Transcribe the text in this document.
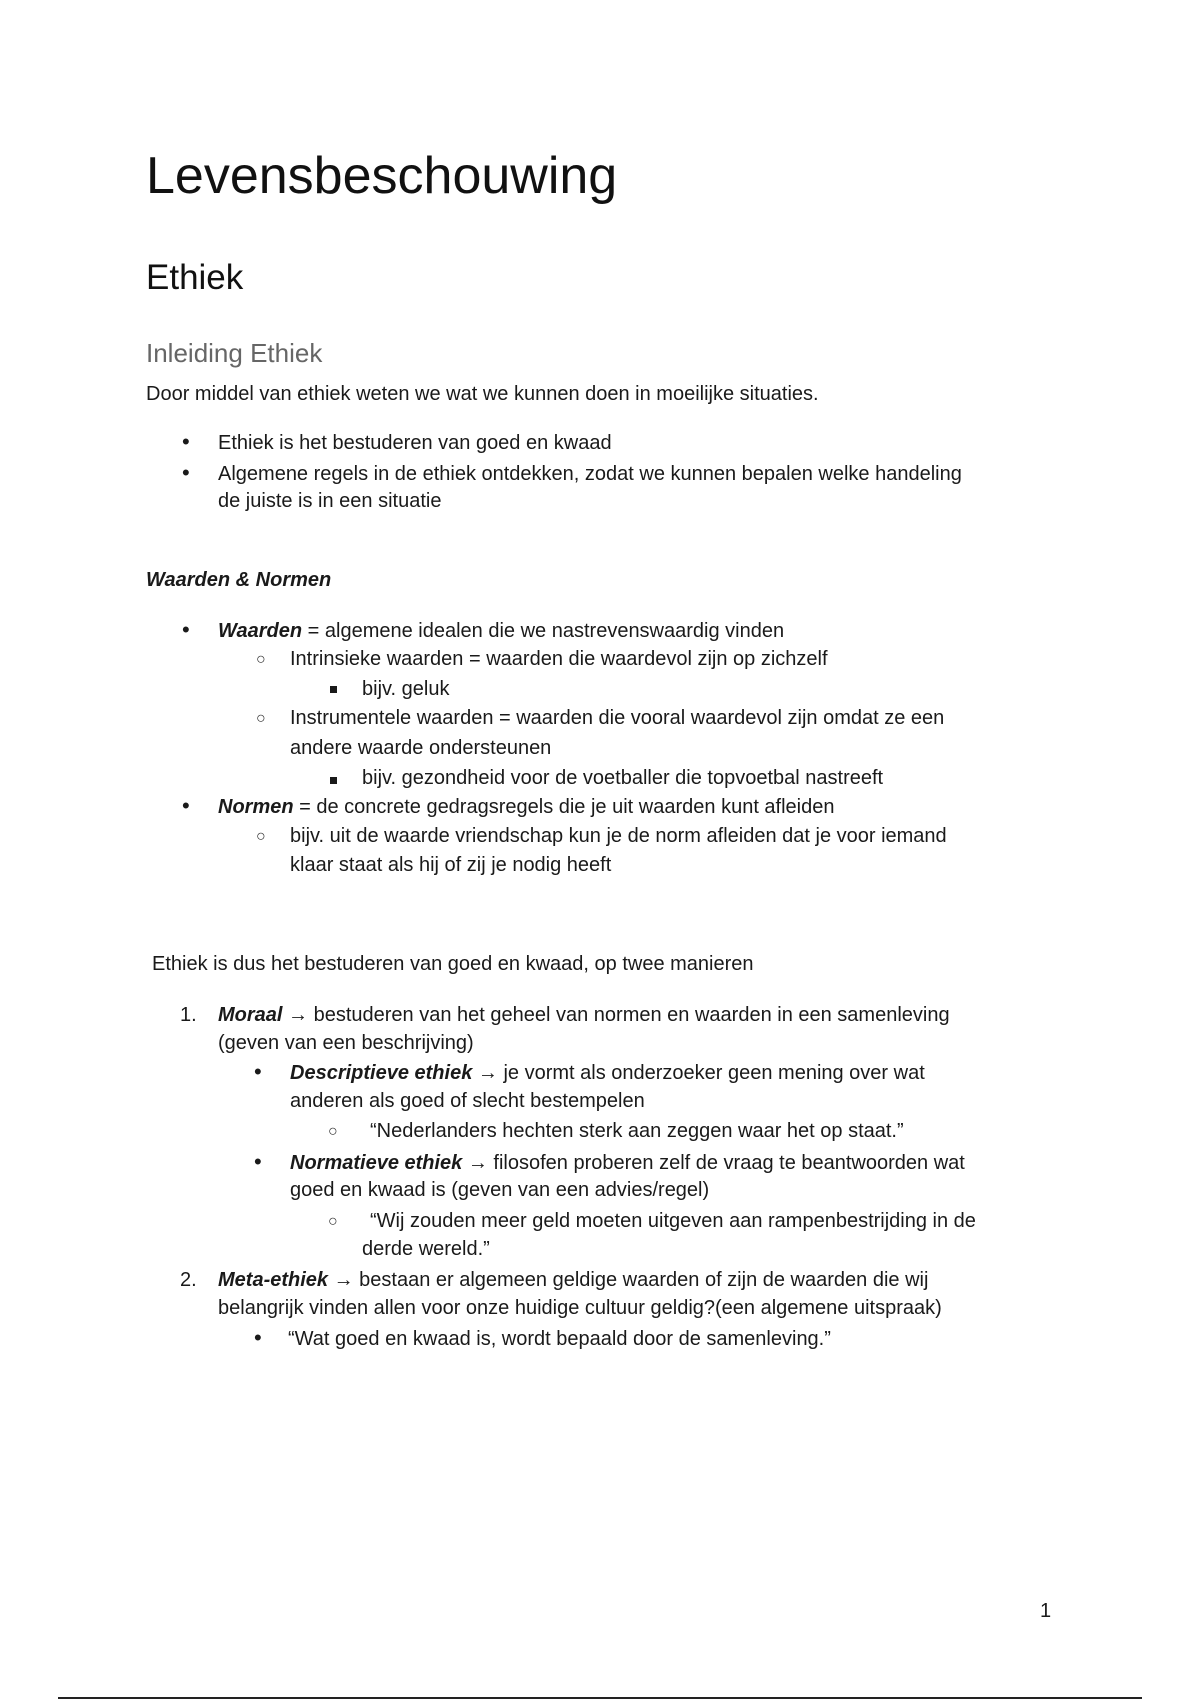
Levensbeschouwing
Ethiek
Inleiding Ethiek
Door middel van ethiek weten we wat we kunnen doen in moeilijke situaties.
• Ethiek is het bestuderen van goed en kwaad
• Algemene regels in de ethiek ontdekken, zodat we kunnen bepalen welke handeling
de juiste is in een situatie
Waarden & Normen
• Waarden = algemene idealen die we nastrevenswaardig vinden
○ Intrinsieke waarden = waarden die waardevol zijn op zichzelf
bijv. geluk
○ Instrumentele waarden = waarden die vooral waardevol zijn omdat ze een
andere waarde ondersteunen
bijv. gezondheid voor de voetballer die topvoetbal nastreeft
• Normen = de concrete gedragsregels die je uit waarden kunt afleiden
○ bijv. uit de waarde vriendschap kun je de norm afleiden dat je voor iemand
klaar staat als hij of zij je nodig heeft
Ethiek is dus het bestuderen van goed en kwaad, op twee manieren
1. Moraal → bestuderen van het geheel van normen en waarden in een samenleving
(geven van een beschrijving)
• Descriptieve ethiek → je vormt als onderzoeker geen mening over wat
anderen als goed of slecht bestempelen
○ “Nederlanders hechten sterk aan zeggen waar het op staat.”
• Normatieve ethiek → filosofen proberen zelf de vraag te beantwoorden wat
goed en kwaad is (geven van een advies/regel)
○ “Wij zouden meer geld moeten uitgeven aan rampenbestrijding in de
derde wereld.”
2. Meta-ethiek → bestaan er algemeen geldige waarden of zijn de waarden die wij
belangrijk vinden allen voor onze huidige cultuur geldig?(een algemene uitspraak)
• “Wat goed en kwaad is, wordt bepaald door de samenleving.”
1
